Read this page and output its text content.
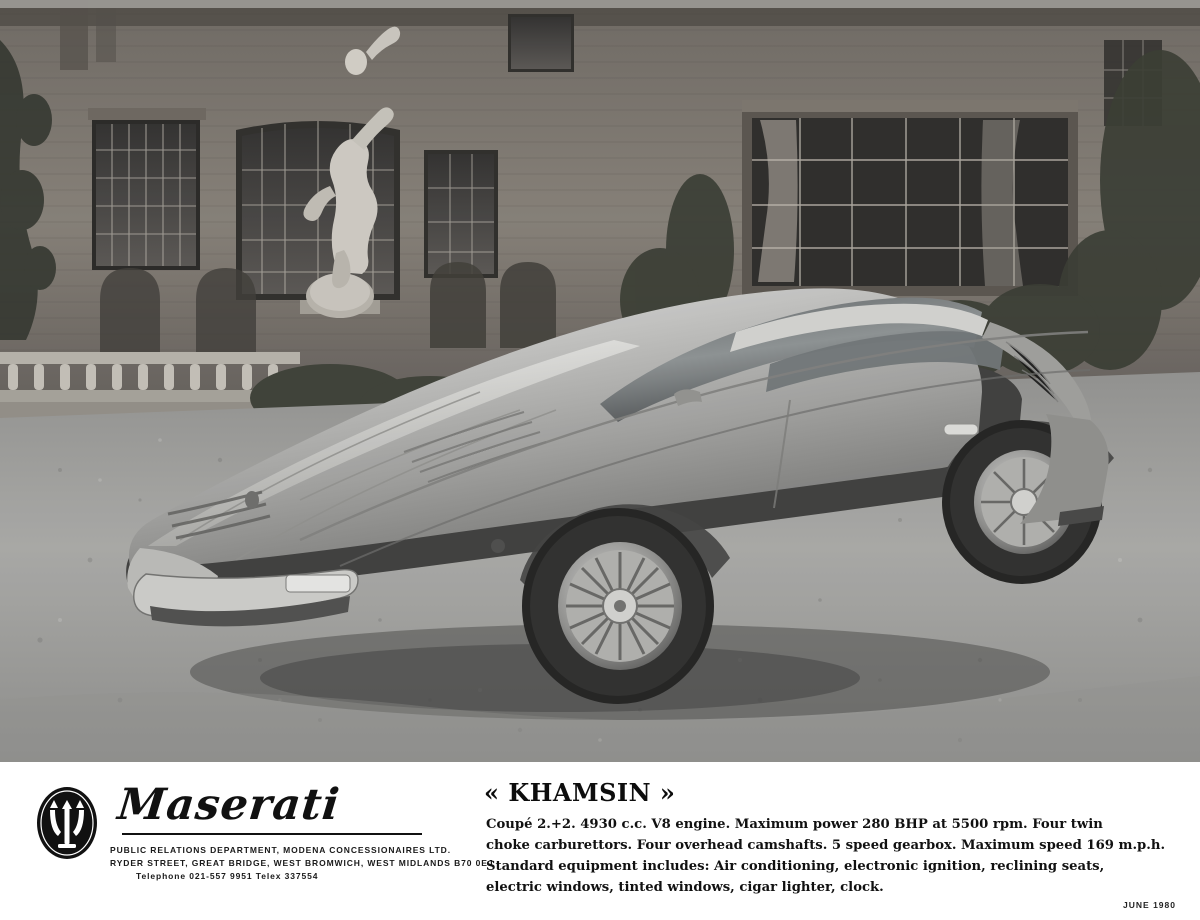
Maserati
PUBLIC RELATIONS DEPARTMENT, MODENA CONCESSIONAIRES LTD.
RYDER STREET, GREAT BRIDGE, WEST BROMWICH, WEST MIDLANDS B70 0EJ
Telephone 021-557 9951 Telex 337554
« KHAMSIN »

Coupé 2.+2. 4930 c.c. V8 engine. Maximum power 280 BHP at 5500 rpm. Four twin

choke carburettors. Four overhead camshafts. 5 speed gearbox. Maximum speed 169 m.p.h.

Standard equipment includes: Air conditioning, electronic ignition, reclining seats,

electric windows, tinted windows, cigar lighter, clock.

JUNE 1980
